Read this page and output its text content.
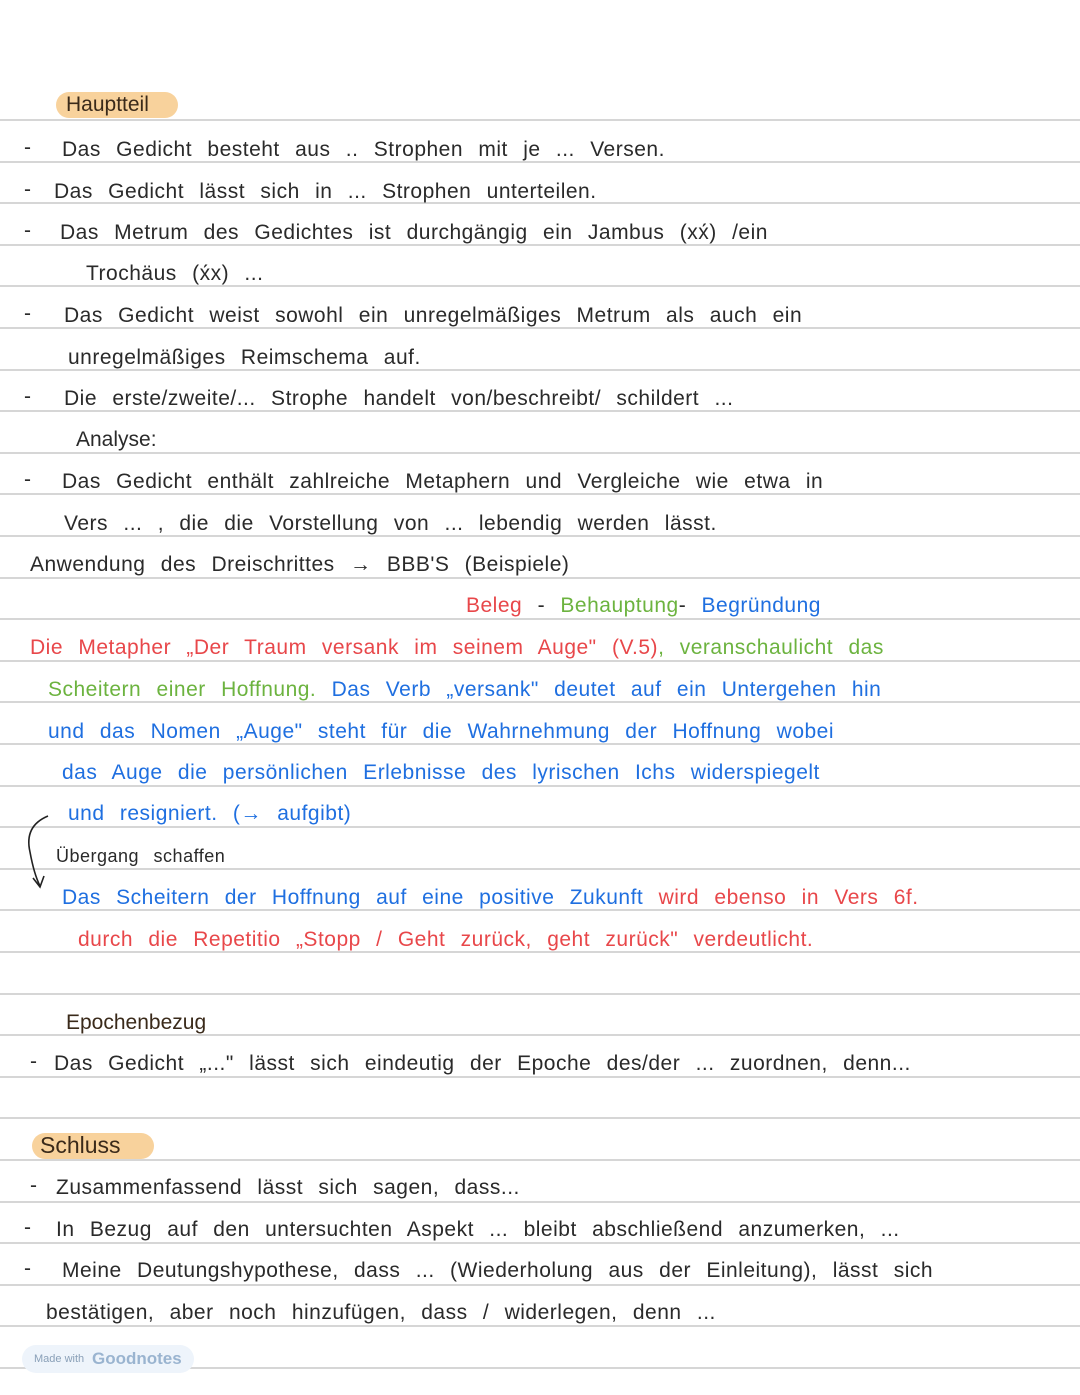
Hauptteil
- Das Gedicht besteht aus .. Strophen mit je ... Versen.
- Das Gedicht lässt sich in ... Strophen unterteilen.
- Das Metrum des Gedichtes ist durchgängig ein Jambus (xx́) /ein
Trochäus (x́x) ...
- Das Gedicht weist sowohl ein unregelmäßiges Metrum als auch ein
unregelmäßiges Reimschema auf.
- Die erste/zweite/... Strophe handelt von/beschreibt/ schildert ...
Analyse:
- Das Gedicht enthält zahlreiche Metaphern und Vergleiche wie etwa in
Vers ... , die die Vorstellung von ... lebendig werden lässt.
Anwendung des Dreischrittes → BBB'S (Beispiele)
Beleg - Behauptung- Begründung
Die Metapher „Der Traum versank im seinem Auge" (V.5), veranschaulicht das
Scheitern einer Hoffnung. Das Verb „versank" deutet auf ein Untergehen hin
und das Nomen „Auge" steht für die Wahrnehmung der Hoffnung wobei
das Auge die persönlichen Erlebnisse des lyrischen Ichs widerspiegelt
und resigniert. (→ aufgibt)
Übergang schaffen
Das Scheitern der Hoffnung auf eine positive Zukunft wird ebenso in Vers 6f.
durch die Repetitio „Stopp / Geht zurück, geht zurück" verdeutlicht.
Epochenbezug
- Das Gedicht „..." lässt sich eindeutig der Epoche des/der ... zuordnen, denn...
Schluss
- Zusammenfassend lässt sich sagen, dass...
- In Bezug auf den untersuchten Aspekt ... bleibt abschließend anzumerken, ...
- Meine Deutungshypothese, dass ... (Wiederholung aus der Einleitung), lässt sich
bestätigen, aber noch hinzufügen, dass / widerlegen, denn ...
Made with Goodnotes
